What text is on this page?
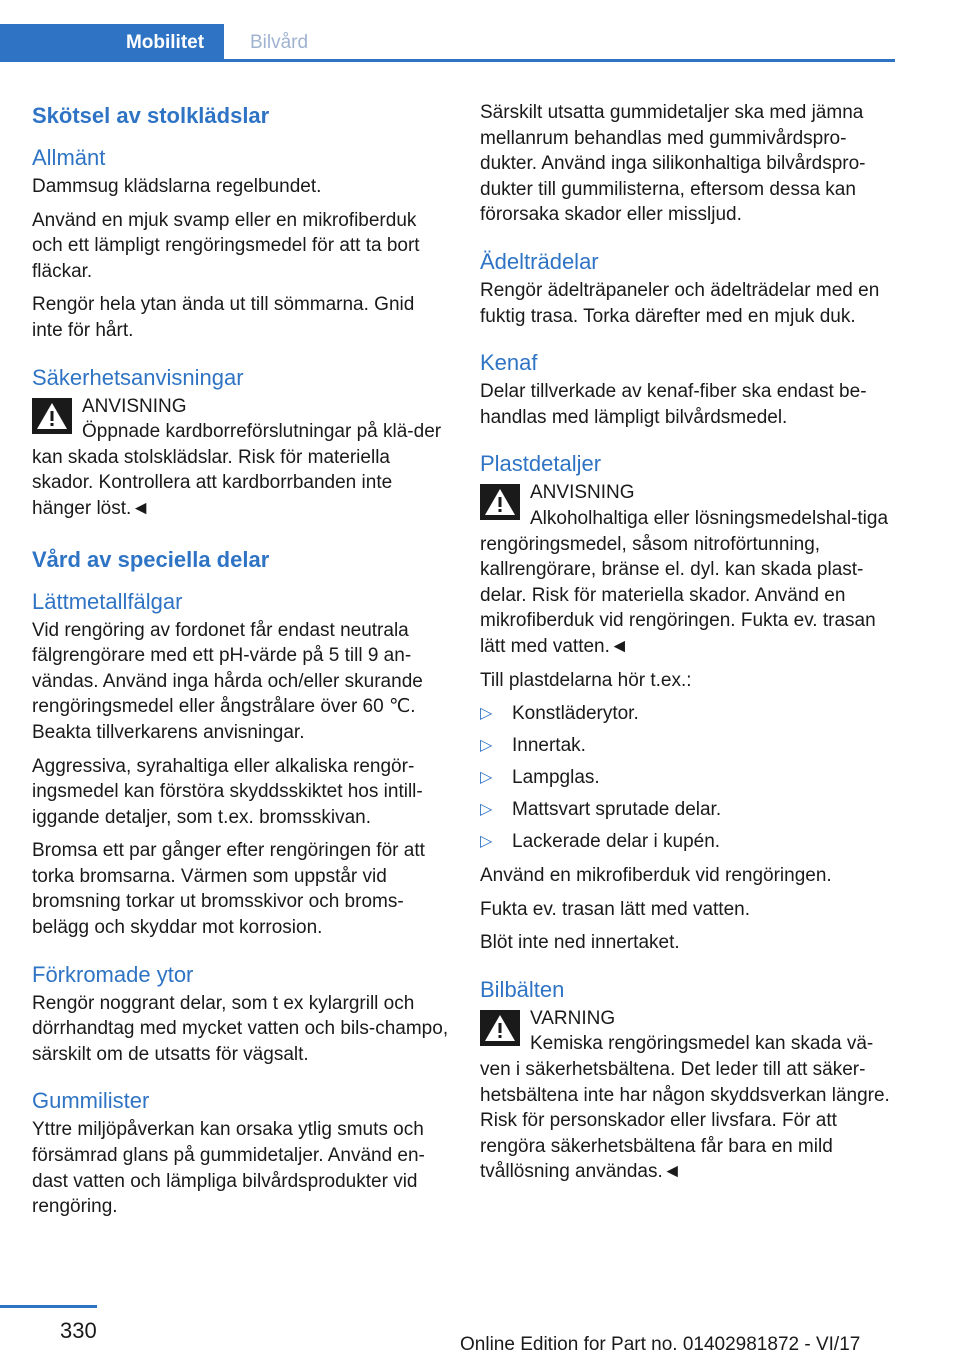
Mobilitet	Bilvård
Skötsel av stolklädslar
Allmänt

Dammsug klädslarna regelbundet.

Använd en mjuk svamp eller en mikrofiberduk och ett lämpligt rengöringsmedel för att ta bort fläckar.

Rengör hela ytan ända ut till sömmarna. Gnid inte för hårt.

Säkerhetsanvisningar
ANVISNING

Öppnade kardborreförslutningar på klä-der kan skada stolsklädslar. Risk för materiella skador. Kontrollera att kardborrbanden inte hänger löst.◄

Vård av speciella delar
Lättmetallfälgar

Vid rengöring av fordonet får endast neutrala fälgrengörare med ett pH-värde på 5 till 9 an-vändas. Använd inga hårda och/eller skurande rengöringsmedel eller ångstrålare över 60 ℃. Beakta tillverkarens anvisningar.

Aggressiva, syrahaltiga eller alkaliska rengör-ingsmedel kan förstöra skyddsskiktet hos intill-iggande detaljer, som t.ex. bromsskivan.

Bromsa ett par gånger efter rengöringen för att torka bromsarna. Värmen som uppstår vid bromsning torkar ut bromsskivor och broms-belägg och skyddar mot korrosion.

Förkromade ytor

Rengör noggrant delar, som t ex kylargrill och dörrhandtag med mycket vatten och bils-champo, särskilt om de utsatts för vägsalt.

Gummilister

Yttre miljöpåverkan kan orsaka ytlig smuts och försämrad glans på gummidetaljer. Använd en-dast vatten och lämpliga bilvårdsprodukter vid rengöring.

Särskilt utsatta gummidetaljer ska med jämna mellanrum behandlas med gummivårdspro-dukter. Använd inga silikonhaltiga bilvårdspro-dukter till gummilisterna, eftersom dessa kan förorsaka skador eller missljud.

Ädelträdelar

Rengör ädelträpaneler och ädelträdelar med en fuktig trasa. Torka därefter med en mjuk duk.

Kenaf

Delar tillverkade av kenaf-fiber ska endast be-handlas med lämpligt bilvårdsmedel.

Plastdetaljer
ANVISNING

Alkoholhaltiga eller lösningsmedelshal-tiga rengöringsmedel, såsom nitroförtunning, kallrengörare, bränse el. dyl. kan skada plast-delar. Risk för materiella skador. Använd en mikrofiberduk vid rengöringen. Fukta ev. trasan lätt med vatten.◄

Till plastdelarna hör t.ex.:

▷ Konstläderytor.
▷ Innertak.
▷ Lampglas.
▷ Mattsvart sprutade delar.
▷ Lackerade delar i kupén.

Använd en mikrofiberduk vid rengöringen.

Fukta ev. trasan lätt med vatten.

Blöt inte ned innertaket.

Bilbälten
VARNING

Kemiska rengöringsmedel kan skada vä-ven i säkerhetsbältena. Det leder till att säker-hetsbältena inte har någon skyddsverkan längre. Risk för personskador eller livsfara. För att rengöra säkerhetsbältena får bara en mild tvållösning användas.◄

330
Online Edition for Part no. 01402981872 - VI/17
